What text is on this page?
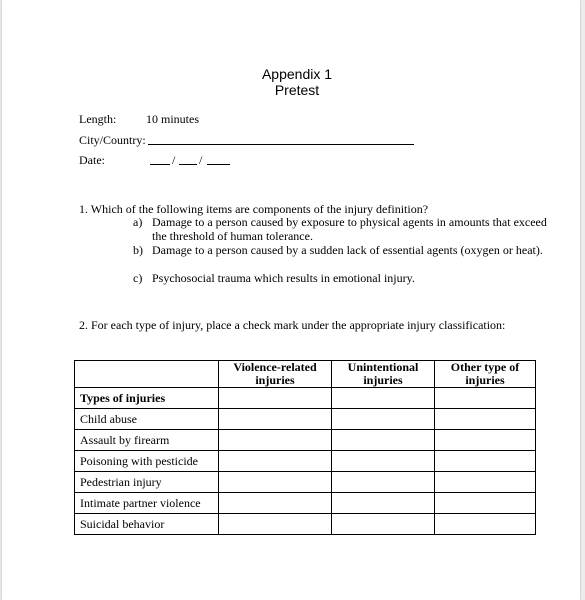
Appendix 1
Pretest
Length: 10 minutes
City/Country:
Date:	/ /
1. Which of the following items are components of the injury definition?
a) Damage to a person caused by exposure to physical agents in amounts that exceed the threshold of human tolerance.
b) Damage to a person caused by a sudden lack of essential agents (oxygen or heat).
c) Psychosocial trauma which results in emotional injury.
2. For each type of injury, place a check mark under the appropriate injury classification:
	Violence-related injuries	Unintentional injuries	Other type of injuries
Types of injuries			
Child abuse			
Assault by firearm			
Poisoning with pesticide			
Pedestrian injury			
Intimate partner violence			
Suicidal behavior			
